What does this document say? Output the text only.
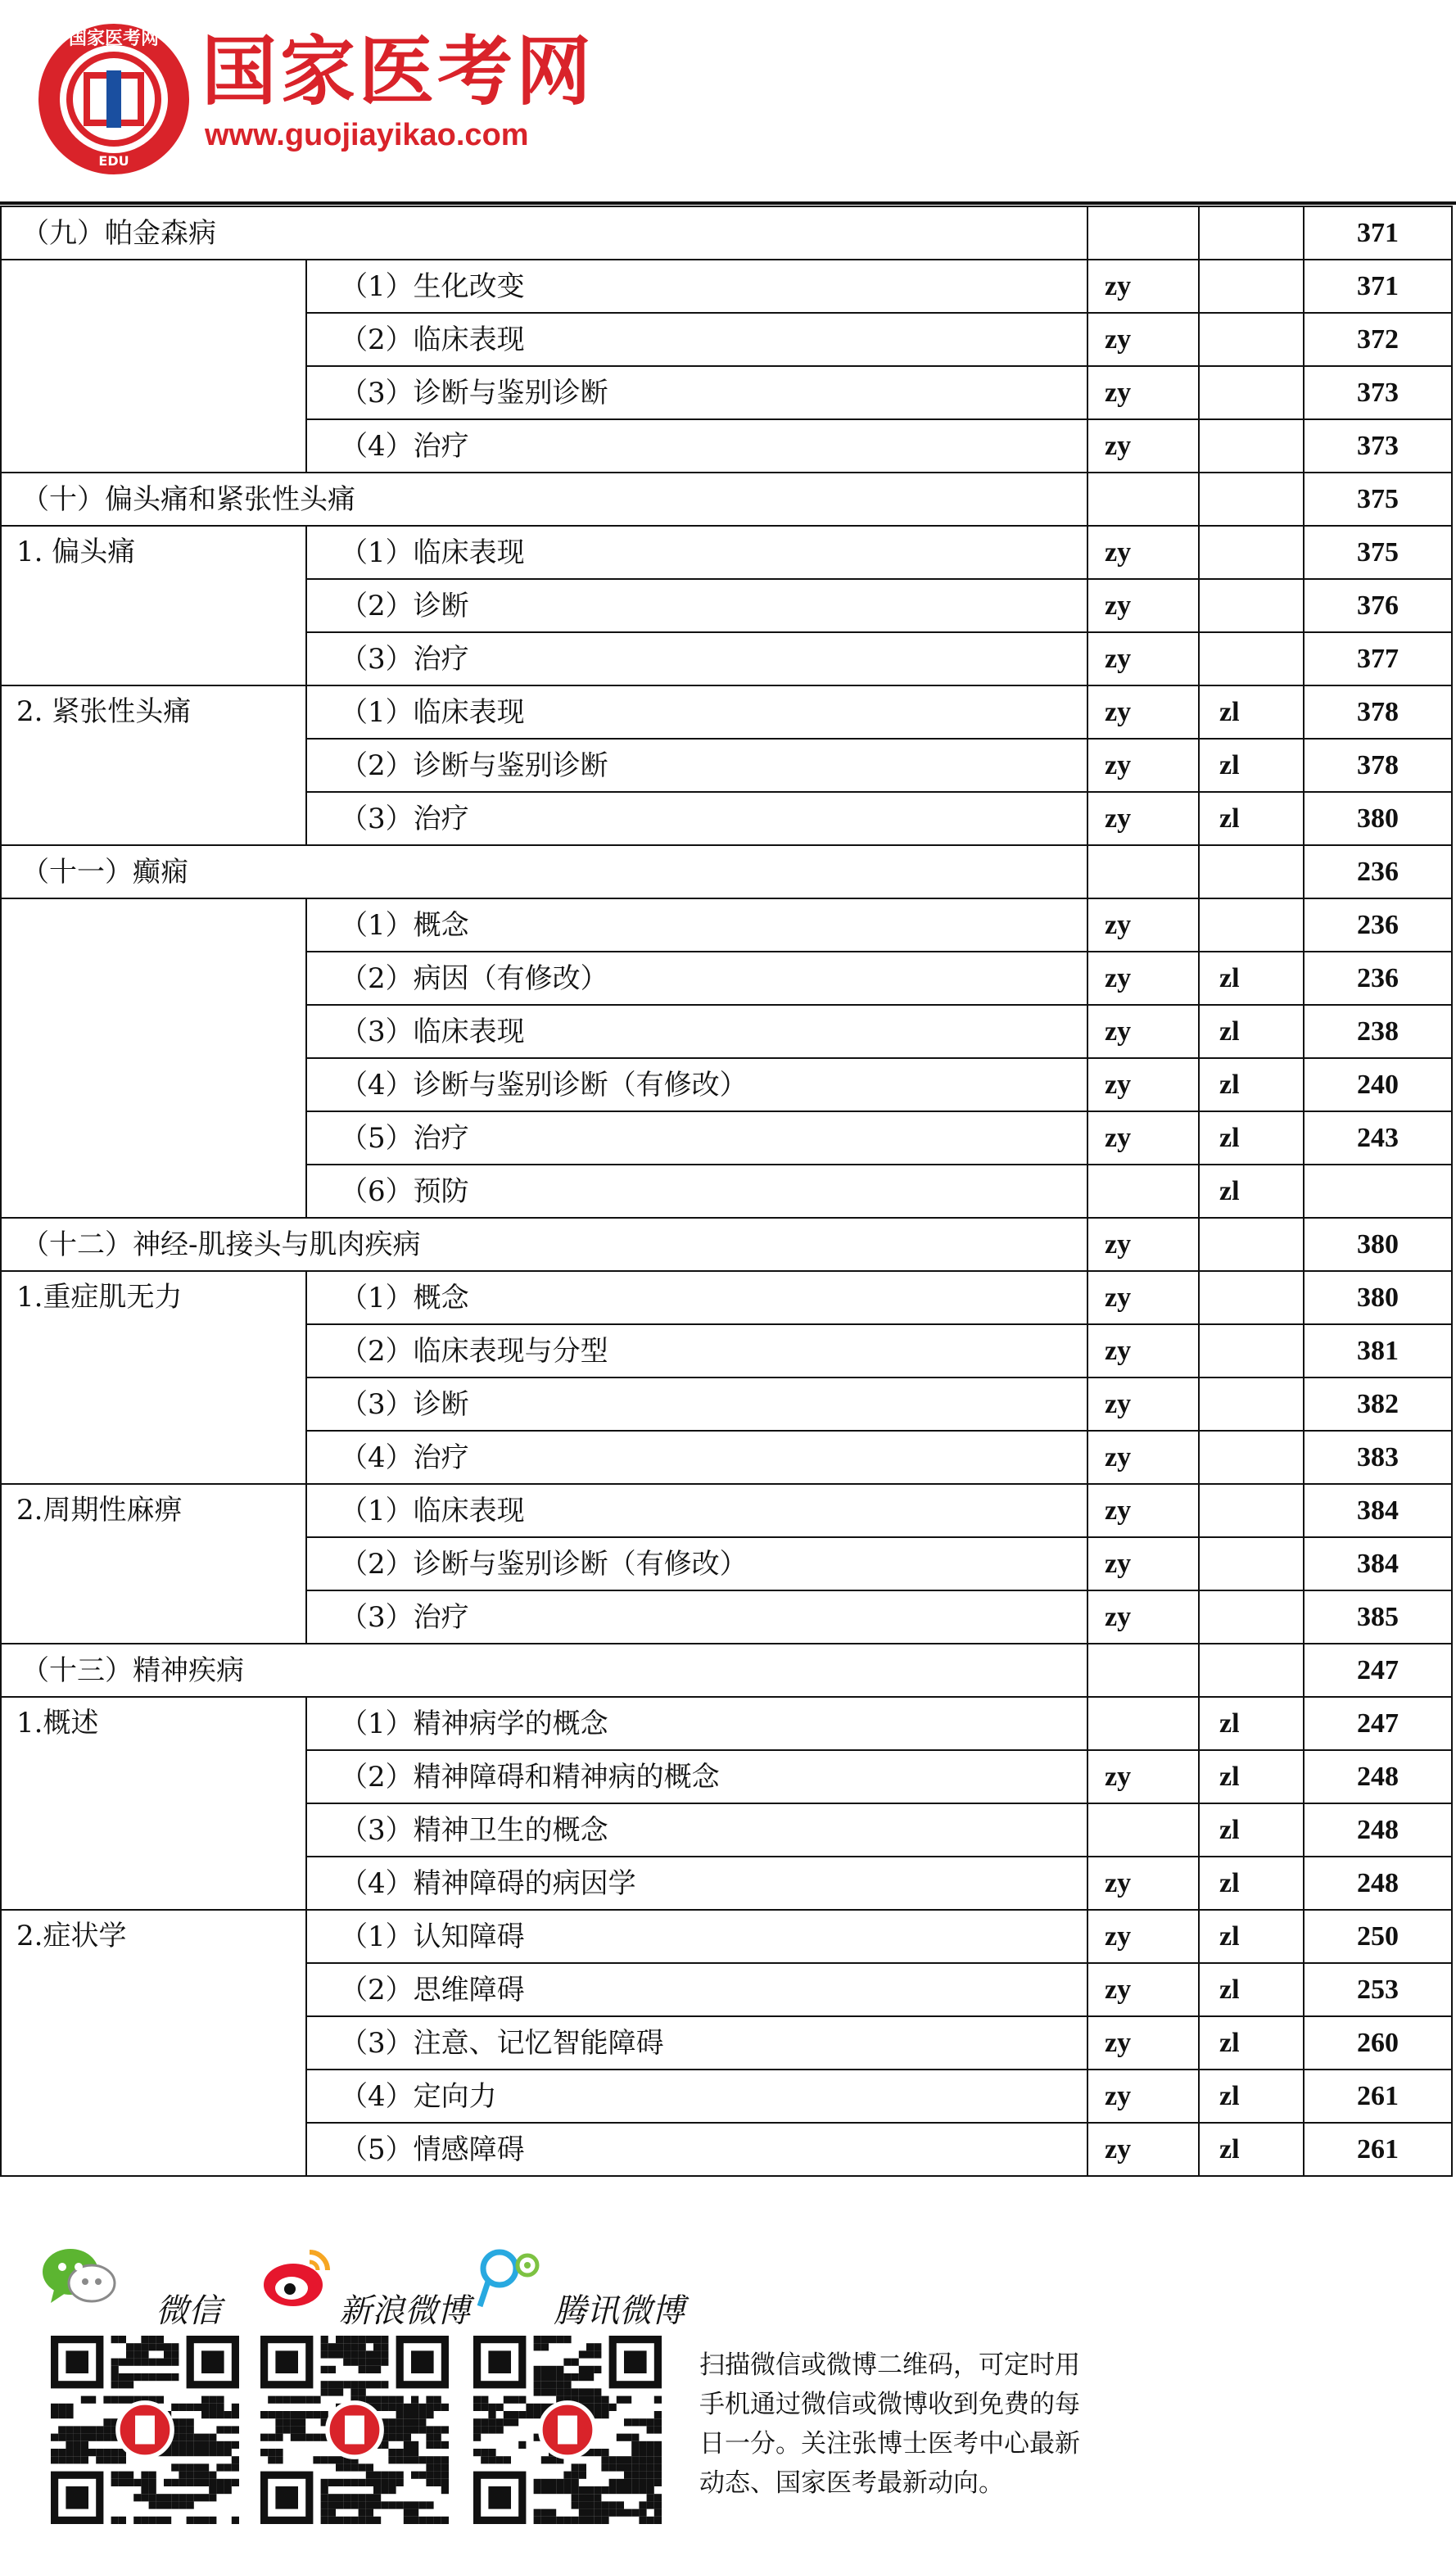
国家医考网
EDU
国家医考网
www.guojiayikao.com
（九）帕金森病				371
	（1）生化改变	zy		371
	（2）临床表现	zy		372
	（3）诊断与鉴别诊断	zy		373
	（4）治疗	zy		373
（十）偏头痛和紧张性头痛				375
1. 偏头痛	（1）临床表现	zy		375
	（2）诊断	zy		376
	（3）治疗	zy		377
2. 紧张性头痛	（1）临床表现	zy	zl	378
	（2）诊断与鉴别诊断	zy	zl	378
	（3）治疗	zy	zl	380
（十一）癫痫				236
	（1）概念	zy		236
	（2）病因（有修改）	zy	zl	236
	（3）临床表现	zy	zl	238
	（4）诊断与鉴别诊断（有修改）	zy	zl	240
	（5）治疗	zy	zl	243
	（6）预防		zl	
（十二）神经-肌接头与肌肉疾病		zy		380
1.重症肌无力	（1）概念	zy		380
	（2）临床表现与分型	zy		381
	（3）诊断	zy		382
	（4）治疗	zy		383
2.周期性麻痹	（1）临床表现	zy		384
	（2）诊断与鉴别诊断（有修改）	zy		384
	（3）治疗	zy		385
（十三）精神疾病				247
1.概述	（1）精神病学的概念		zl	247
	（2）精神障碍和精神病的概念	zy	zl	248
	（3）精神卫生的概念		zl	248
	（4）精神障碍的病因学	zy	zl	248
2.症状学	（1）认知障碍	zy	zl	250
	（2）思维障碍	zy	zl	253
	（3）注意、记忆智能障碍	zy	zl	260
	（4）定向力	zy	zl	261
	（5）情感障碍	zy	zl	261
微信	新浪微博	腾讯微博
扫描微信或微博二维码，可定时用
手机通过微信或微博收到免费的每
日一分。关注张博士医考中心最新
动态、国家医考最新动向。
